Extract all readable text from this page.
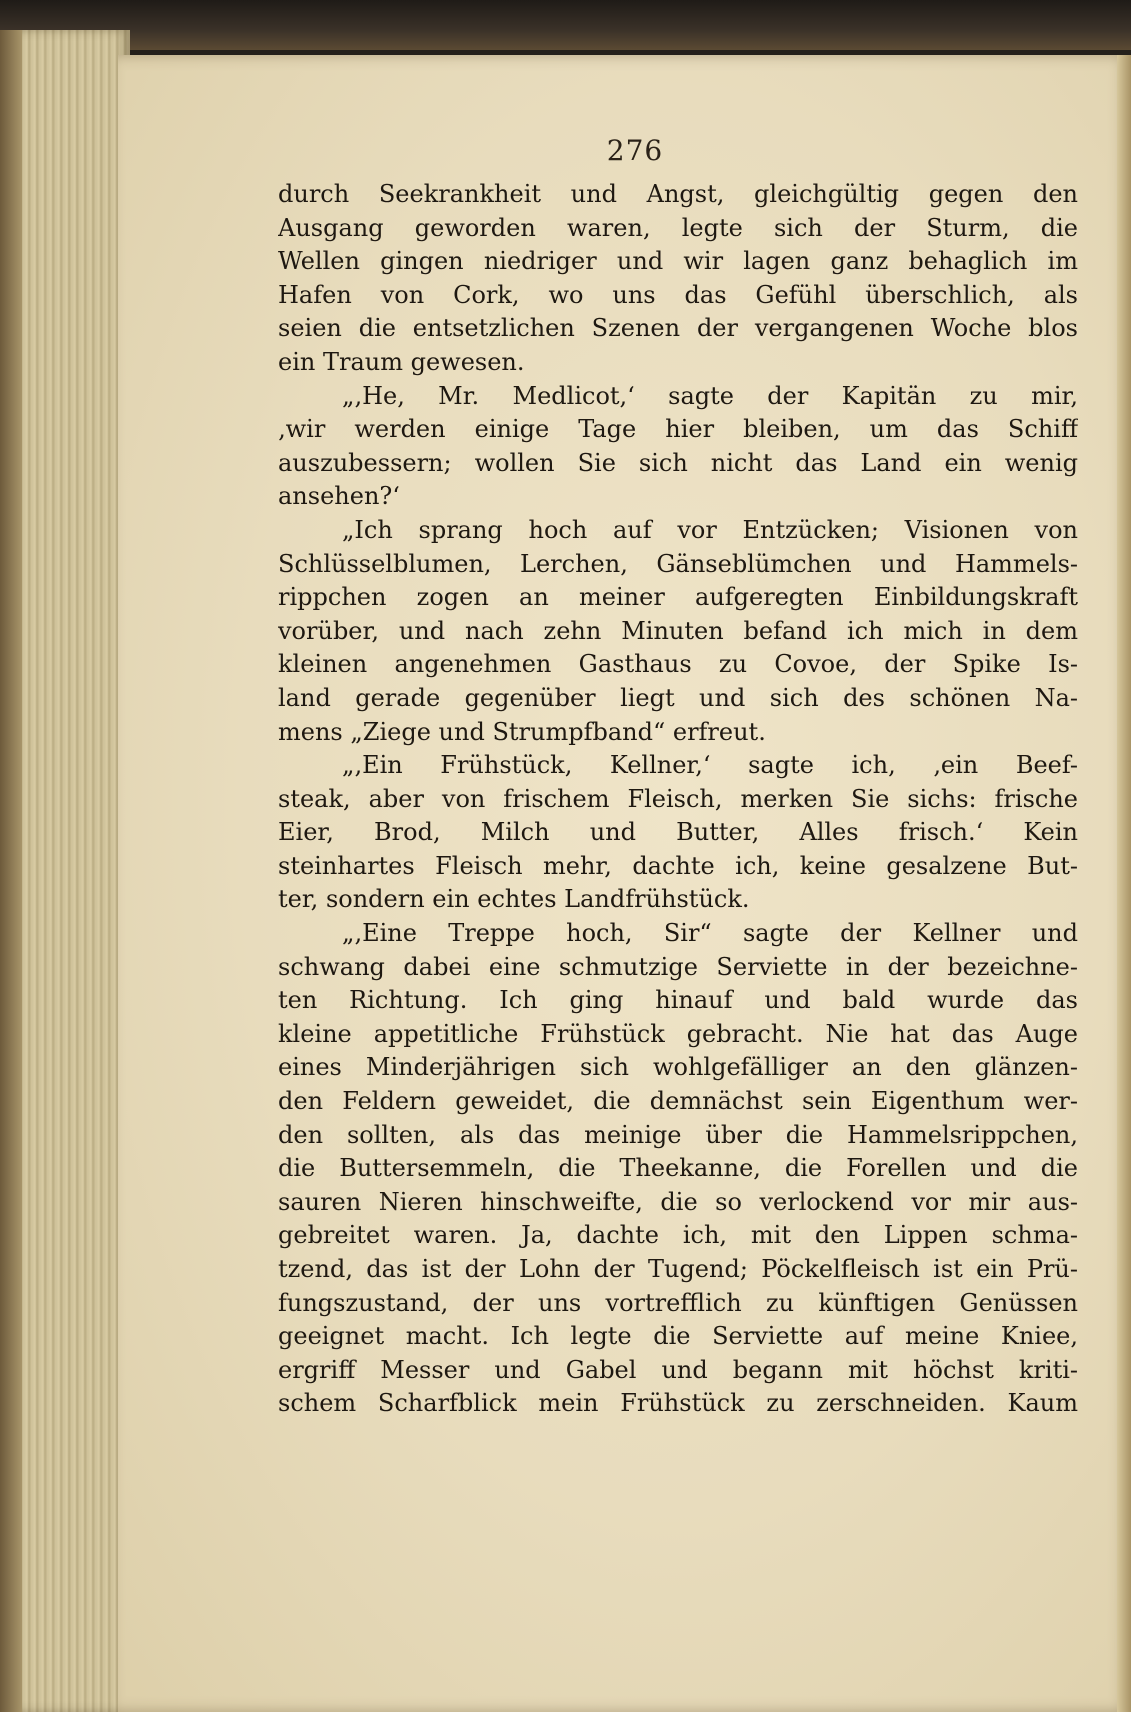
276
durch Seekrankheit und Angst, gleichgültig gegen den
Ausgang geworden waren, legte sich der Sturm, die
Wellen gingen niedriger und wir lagen ganz behaglich im
Hafen von Cork, wo uns das Gefühl überschlich, als
seien die entsetzlichen Szenen der vergangenen Woche blos
ein Traum gewesen.
„‚He, Mr. Medlicot,‘ sagte der Kapitän zu mir,
‚wir werden einige Tage hier bleiben, um das Schiff
auszubessern; wollen Sie sich nicht das Land ein wenig
ansehen?‘
„Ich sprang hoch auf vor Entzücken; Visionen von
Schlüsselblumen, Lerchen, Gänseblümchen und Hammels-
rippchen zogen an meiner aufgeregten Einbildungskraft
vorüber, und nach zehn Minuten befand ich mich in dem
kleinen angenehmen Gasthaus zu Covoe, der Spike Is-
land gerade gegenüber liegt und sich des schönen Na-
mens „Ziege und Strumpfband“ erfreut.
„‚Ein Frühstück, Kellner,‘ sagte ich, ‚ein Beef-
steak, aber von frischem Fleisch, merken Sie sichs: frische
Eier, Brod, Milch und Butter, Alles frisch.‘ Kein
steinhartes Fleisch mehr, dachte ich, keine gesalzene But-
ter, sondern ein echtes Landfrühstück.
„‚Eine Treppe hoch, Sir“ sagte der Kellner und
schwang dabei eine schmutzige Serviette in der bezeichne-
ten Richtung. Ich ging hinauf und bald wurde das
kleine appetitliche Frühstück gebracht. Nie hat das Auge
eines Minderjährigen sich wohlgefälliger an den glänzen-
den Feldern geweidet, die demnächst sein Eigenthum wer-
den sollten, als das meinige über die Hammelsrippchen,
die Buttersemmeln, die Theekanne, die Forellen und die
sauren Nieren hinschweifte, die so verlockend vor mir aus-
gebreitet waren. Ja, dachte ich, mit den Lippen schma-
tzend, das ist der Lohn der Tugend; Pöckelfleisch ist ein Prü-
fungszustand, der uns vortrefflich zu künftigen Genüssen
geeignet macht. Ich legte die Serviette auf meine Kniee,
ergriff Messer und Gabel und begann mit höchst kriti-
schem Scharfblick mein Frühstück zu zerschneiden. Kaum
